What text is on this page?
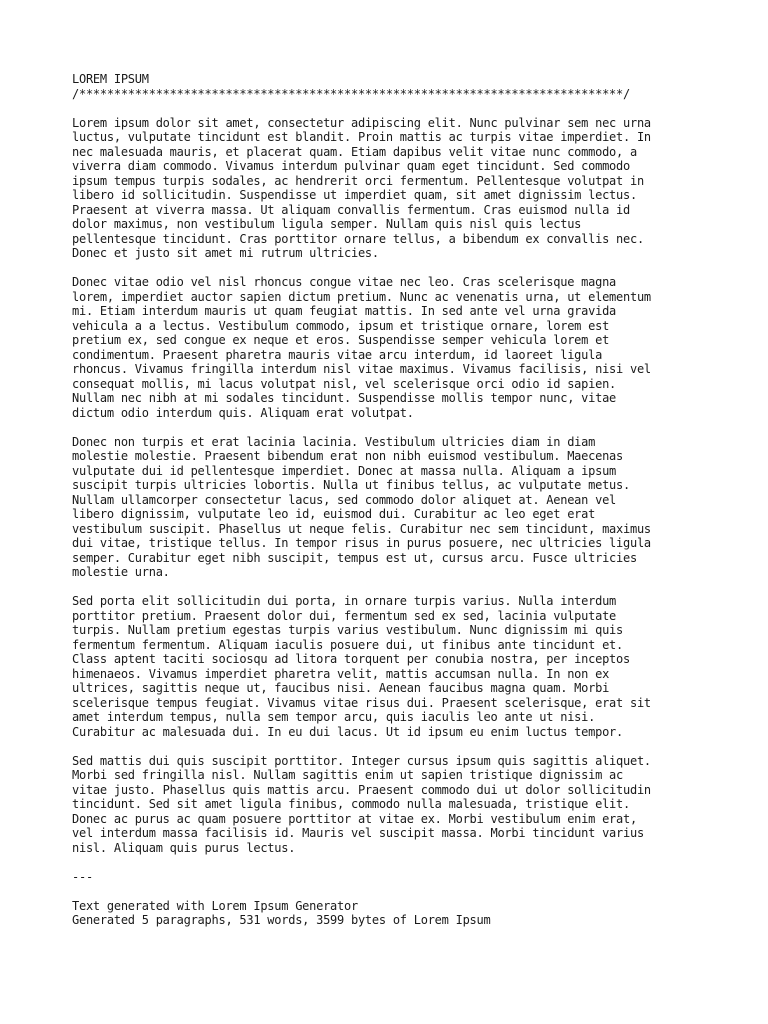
LOREM IPSUM
/******************************************************************************/
Lorem ipsum dolor sit amet, consectetur adipiscing elit. Nunc pulvinar sem nec urna
luctus, vulputate tincidunt est blandit. Proin mattis ac turpis vitae imperdiet. In
nec malesuada mauris, et placerat quam. Etiam dapibus velit vitae nunc commodo, a
viverra diam commodo. Vivamus interdum pulvinar quam eget tincidunt. Sed commodo
ipsum tempus turpis sodales, ac hendrerit orci fermentum. Pellentesque volutpat in
libero id sollicitudin. Suspendisse ut imperdiet quam, sit amet dignissim lectus.
Praesent at viverra massa. Ut aliquam convallis fermentum. Cras euismod nulla id
dolor maximus, non vestibulum ligula semper. Nullam quis nisl quis lectus
pellentesque tincidunt. Cras porttitor ornare tellus, a bibendum ex convallis nec.
Donec et justo sit amet mi rutrum ultricies.
Donec vitae odio vel nisl rhoncus congue vitae nec leo. Cras scelerisque magna
lorem, imperdiet auctor sapien dictum pretium. Nunc ac venenatis urna, ut elementum
mi. Etiam interdum mauris ut quam feugiat mattis. In sed ante vel urna gravida
vehicula a a lectus. Vestibulum commodo, ipsum et tristique ornare, lorem est
pretium ex, sed congue ex neque et eros. Suspendisse semper vehicula lorem et
condimentum. Praesent pharetra mauris vitae arcu interdum, id laoreet ligula
rhoncus. Vivamus fringilla interdum nisl vitae maximus. Vivamus facilisis, nisi vel
consequat mollis, mi lacus volutpat nisl, vel scelerisque orci odio id sapien.
Nullam nec nibh at mi sodales tincidunt. Suspendisse mollis tempor nunc, vitae
dictum odio interdum quis. Aliquam erat volutpat.
Donec non turpis et erat lacinia lacinia. Vestibulum ultricies diam in diam
molestie molestie. Praesent bibendum erat non nibh euismod vestibulum. Maecenas
vulputate dui id pellentesque imperdiet. Donec at massa nulla. Aliquam a ipsum
suscipit turpis ultricies lobortis. Nulla ut finibus tellus, ac vulputate metus.
Nullam ullamcorper consectetur lacus, sed commodo dolor aliquet at. Aenean vel
libero dignissim, vulputate leo id, euismod dui. Curabitur ac leo eget erat
vestibulum suscipit. Phasellus ut neque felis. Curabitur nec sem tincidunt, maximus
dui vitae, tristique tellus. In tempor risus in purus posuere, nec ultricies ligula
semper. Curabitur eget nibh suscipit, tempus est ut, cursus arcu. Fusce ultricies
molestie urna.
Sed porta elit sollicitudin dui porta, in ornare turpis varius. Nulla interdum
porttitor pretium. Praesent dolor dui, fermentum sed ex sed, lacinia vulputate
turpis. Nullam pretium egestas turpis varius vestibulum. Nunc dignissim mi quis
fermentum fermentum. Aliquam iaculis posuere dui, ut finibus ante tincidunt et.
Class aptent taciti sociosqu ad litora torquent per conubia nostra, per inceptos
himenaeos. Vivamus imperdiet pharetra velit, mattis accumsan nulla. In non ex
ultrices, sagittis neque ut, faucibus nisi. Aenean faucibus magna quam. Morbi
scelerisque tempus feugiat. Vivamus vitae risus dui. Praesent scelerisque, erat sit
amet interdum tempus, nulla sem tempor arcu, quis iaculis leo ante ut nisi.
Curabitur ac malesuada dui. In eu dui lacus. Ut id ipsum eu enim luctus tempor.
Sed mattis dui quis suscipit porttitor. Integer cursus ipsum quis sagittis aliquet.
Morbi sed fringilla nisl. Nullam sagittis enim ut sapien tristique dignissim ac
vitae justo. Phasellus quis mattis arcu. Praesent commodo dui ut dolor sollicitudin
tincidunt. Sed sit amet ligula finibus, commodo nulla malesuada, tristique elit.
Donec ac purus ac quam posuere porttitor at vitae ex. Morbi vestibulum enim erat,
vel interdum massa facilisis id. Mauris vel suscipit massa. Morbi tincidunt varius
nisl. Aliquam quis purus lectus.
---
Text generated with Lorem Ipsum Generator
Generated 5 paragraphs, 531 words, 3599 bytes of Lorem Ipsum
